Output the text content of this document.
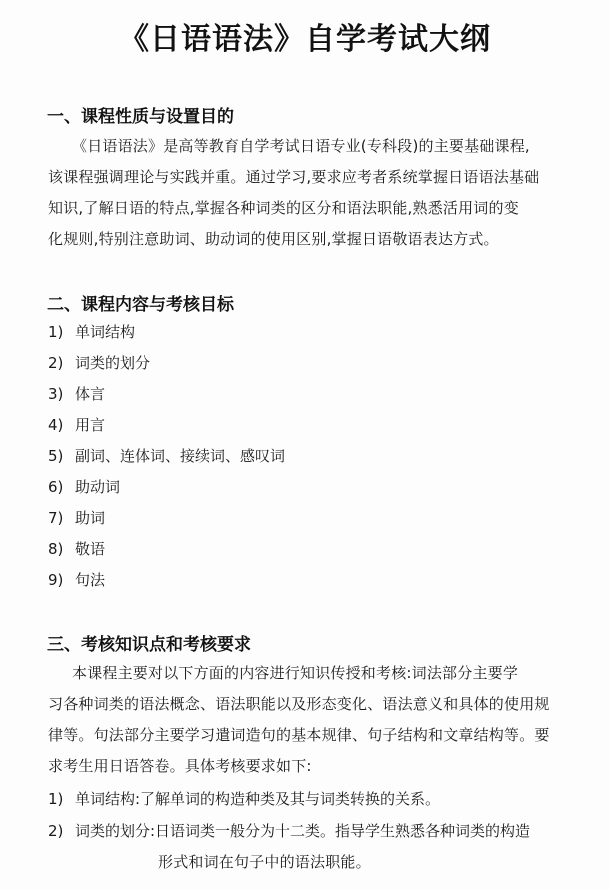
《日语语法》自学考试大纲
一、课程性质与设置目的
《日语语法》是高等教育自学考试日语专业(专科段)的主要基础课程,
该课程强调理论与实践并重。通过学习,要求应考者系统掌握日语语法基础
知识,了解日语的特点,掌握各种词类的区分和语法职能,熟悉活用词的变
化规则,特别注意助词、助动词的使用区别,掌握日语敬语表达方式。
二、课程内容与考核目标
1) 单词结构
2) 词类的划分
3) 体言
4) 用言
5) 副词、连体词、接续词、感叹词
6) 助动词
7) 助词
8) 敬语
9) 句法
三、考核知识点和考核要求
本课程主要对以下方面的内容进行知识传授和考核:词法部分主要学
习各种词类的语法概念、语法职能以及形态变化、语法意义和具体的使用规
律等。句法部分主要学习遣词造句的基本规律、句子结构和文章结构等。要
求考生用日语答卷。具体考核要求如下:
1) 单词结构:了解单词的构造种类及其与词类转换的关系。
2) 词类的划分:日语词类一般分为十二类。指导学生熟悉各种词类的构造
形式和词在句子中的语法职能。
